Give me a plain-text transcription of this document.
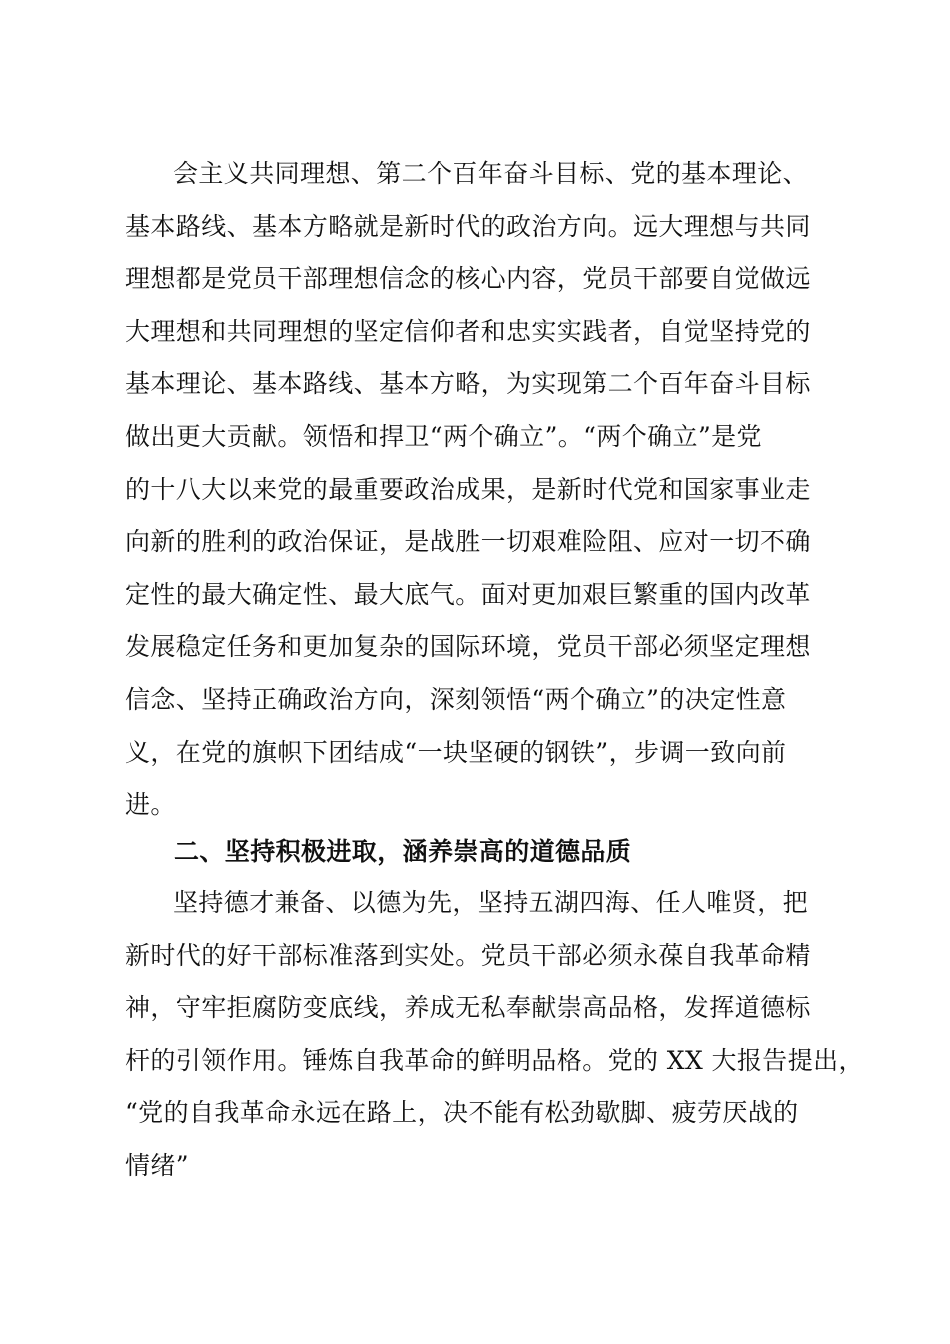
会主义共同理想、第二个百年奋斗目标、党的基本理论、
基本路线、基本方略就是新时代的政治方向。远大理想与共同
理想都是党员干部理想信念的核心内容，党员干部要自觉做远
大理想和共同理想的坚定信仰者和忠实实践者，自觉坚持党的
基本理论、基本路线、基本方略，为实现第二个百年奋斗目标
做出更大贡献。领悟和捍卫“两个确立”。“两个确立”是党
的十八大以来党的最重要政治成果，是新时代党和国家事业走
向新的胜利的政治保证，是战胜一切艰难险阻、应对一切不确
定性的最大确定性、最大底气。面对更加艰巨繁重的国内改革
发展稳定任务和更加复杂的国际环境，党员干部必须坚定理想
信念、坚持正确政治方向，深刻领悟“两个确立”的决定性意
义，在党的旗帜下团结成“一块坚硬的钢铁”，步调一致向前
进。
二、坚持积极进取，涵养崇高的道德品质
坚持德才兼备、以德为先，坚持五湖四海、任人唯贤，把
新时代的好干部标准落到实处。党员干部必须永葆自我革命精
神，守牢拒腐防变底线，养成无私奉献崇高品格，发挥道德标
杆的引领作用。锤炼自我革命的鲜明品格。党的 XX 大报告提出，
“党的自我革命永远在路上，决不能有松劲歇脚、疲劳厌战的
情绪”
